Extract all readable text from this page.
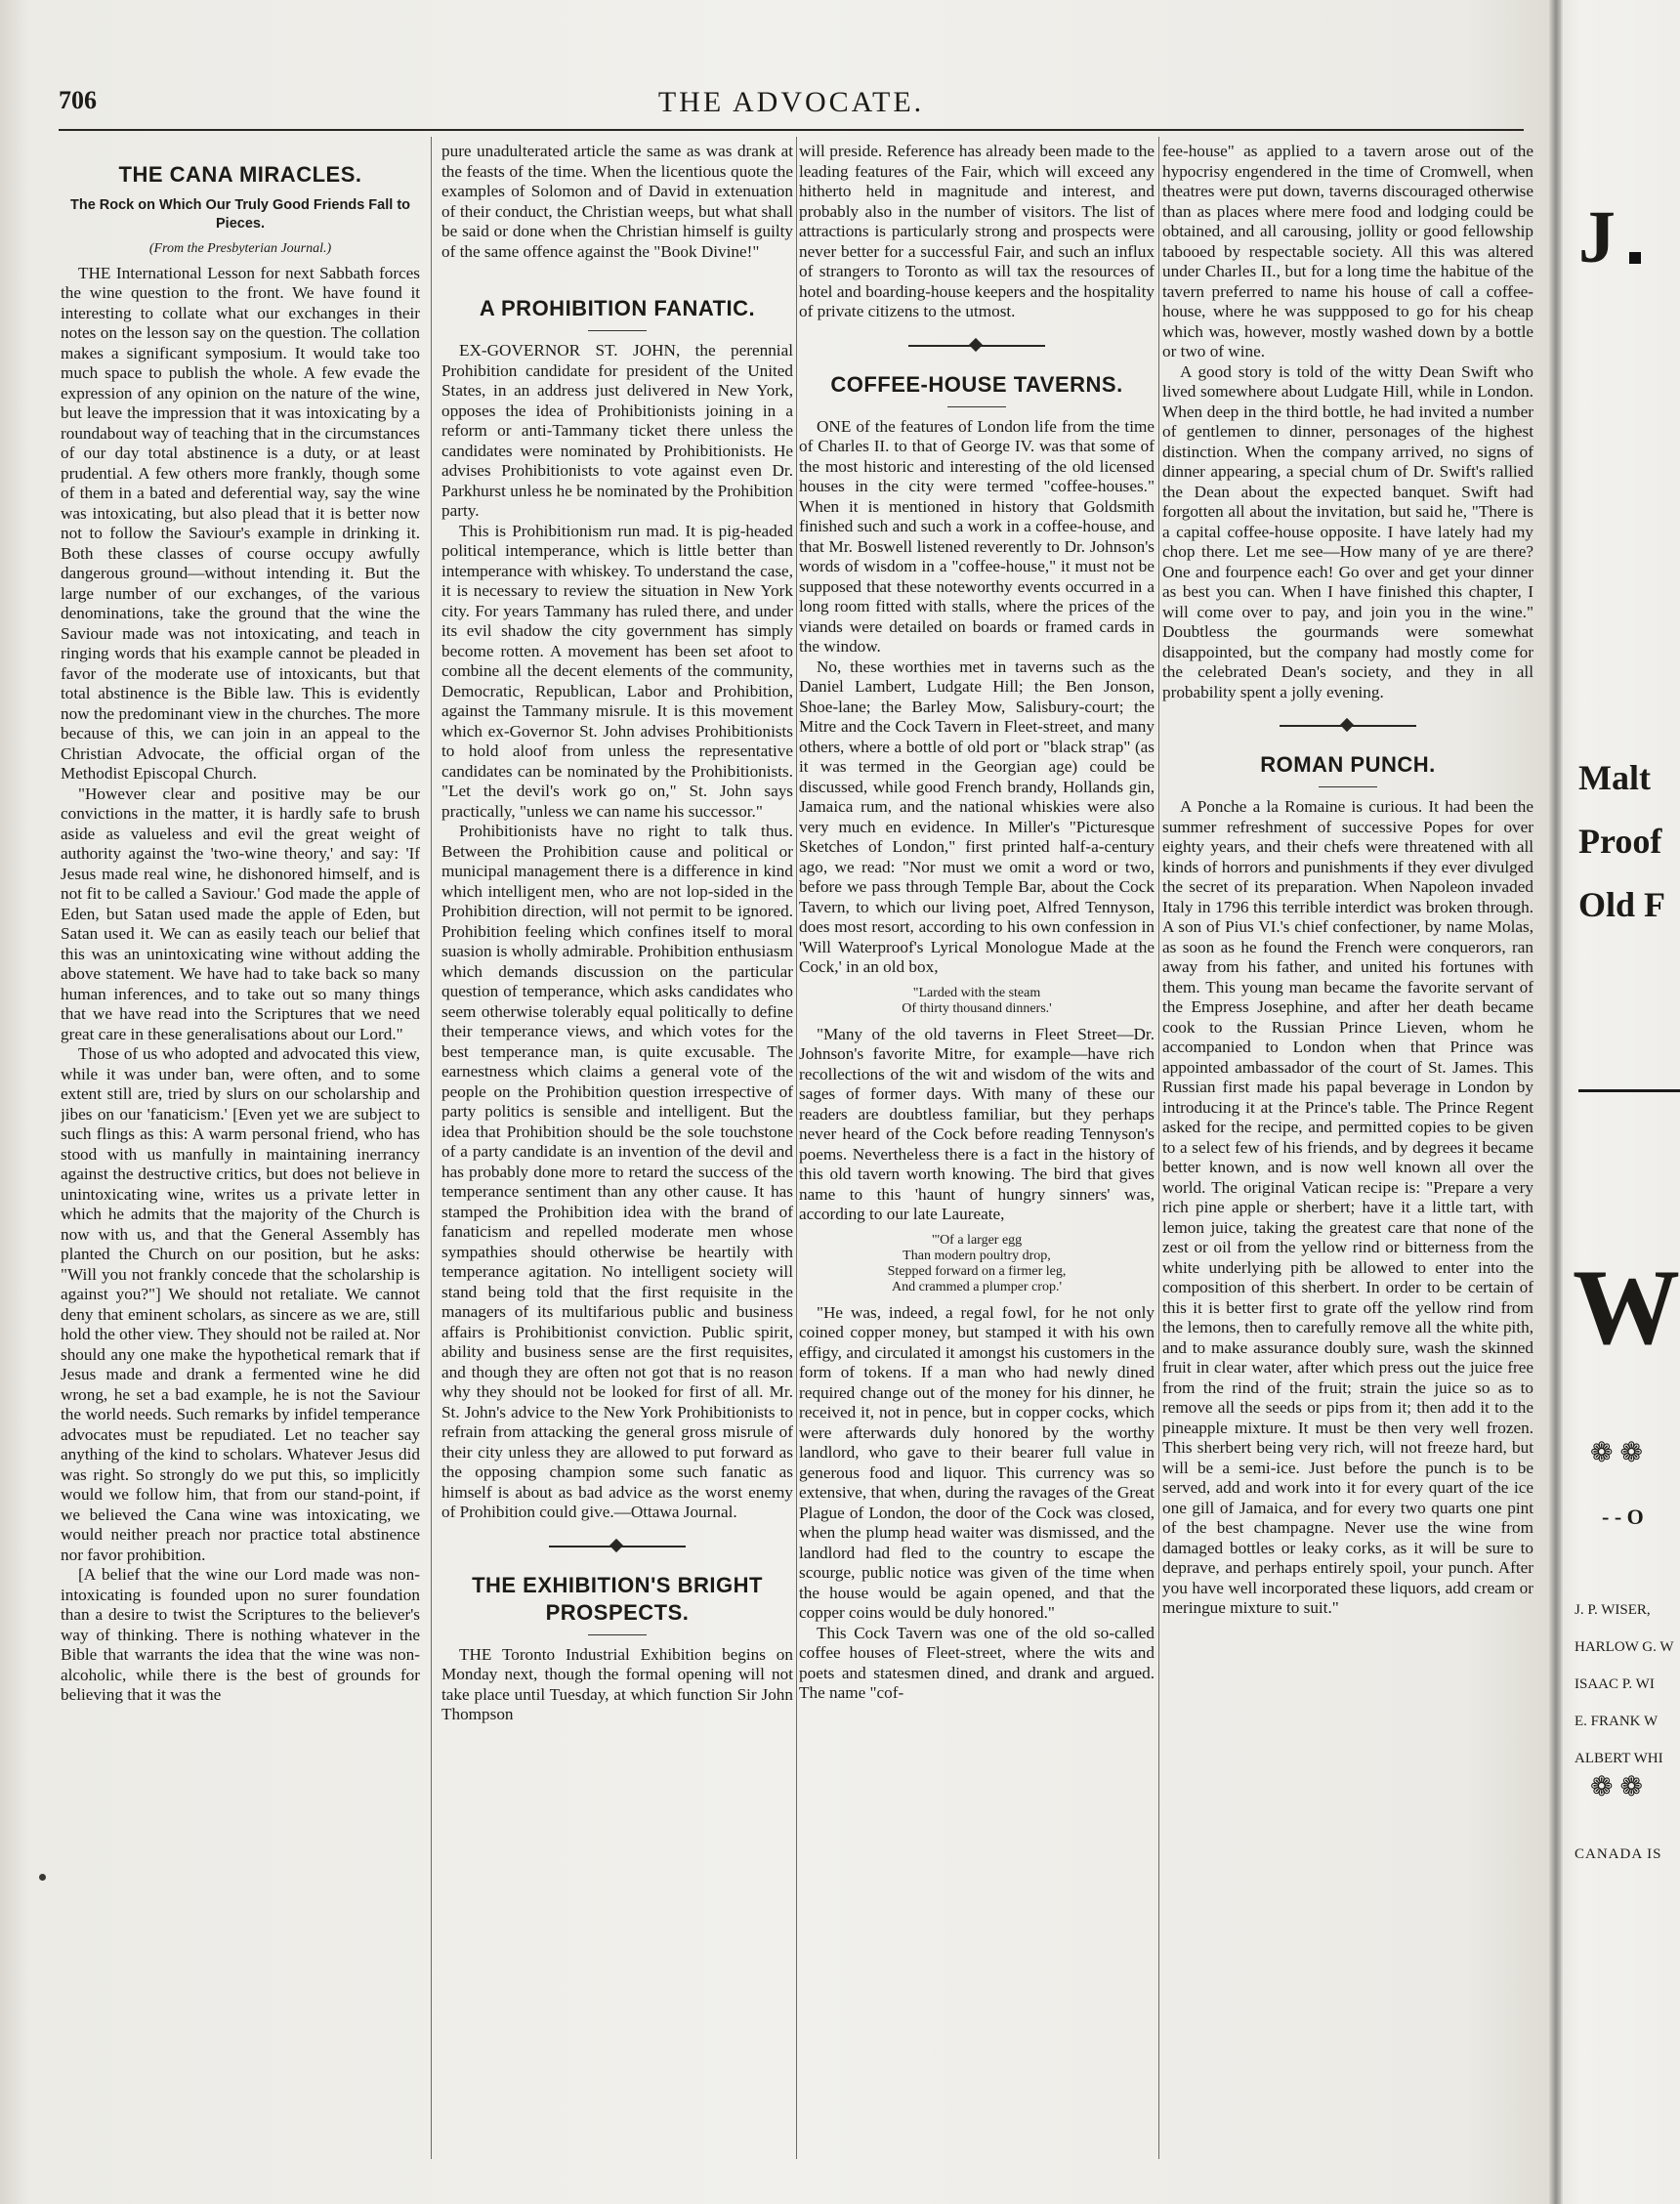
THE ADVOCATE.
706
THE CANA MIRACLES.
The Rock on Which Our Truly Good Friends Fall to Pieces.
(From the Presbyterian Journal.)

THE International Lesson for next Sabbath forces the wine question to the front. We have found it interesting to collate what our exchanges in their notes on the lesson say on the question. The collation makes a significant symposium. It would take too much space to publish the whole. A few evade the expression of any opinion on the nature of the wine, but leave the impression that it was intoxicating by a roundabout way of teaching that in the circumstances of our day total abstinence is a duty, or at least prudential. A few others more frankly, though some of them in a bated and deferential way, say the wine was intoxicating, but also plead that it is better now not to follow the Saviour's example in drinking it. Both these classes of course occupy awfully dangerous ground—without intending it. But the large number of our exchanges, of the various denominations, take the ground that the wine the Saviour made was not intoxicating, and teach in ringing words that his example cannot be pleaded in favor of the moderate use of intoxicants, but that total abstinence is the Bible law. This is evidently now the predominant view in the churches. The more because of this, we can join in an appeal to the Christian Advocate, the official organ of the Methodist Episcopal Church.

"However clear and positive may be our convictions in the matter, it is hardly safe to brush aside as valueless and evil the great weight of authority against the 'two-wine theory,' and say: 'If Jesus made real wine, he dishonored himself, and is not fit to be called a Saviour.' God made the apple of Eden, but Satan used made the apple of Eden, but Satan used it. We can as easily teach our belief that this was an unintoxicating wine without adding the above statement. We have had to take back so many human inferences, and to take out so many things that we have read into the Scriptures that we need great care in these generalisations about our Lord."

Those of us who adopted and advocated this view, while it was under ban, were often, and to some extent still are, tried by slurs on our scholarship and jibes on our 'fanaticism.' [Even yet we are subject to such flings as this: A warm personal friend, who has stood with us manfully in maintaining inerrancy against the destructive critics, but does not believe in unintoxicating wine, writes us a private letter in which he admits that the majority of the Church is now with us, and that the General Assembly has planted the Church on our position, but he asks: "Will you not frankly concede that the scholarship is against you?"] We should not retaliate. We cannot deny that eminent scholars, as sincere as we are, still hold the other view. They should not be railed at. Nor should any one make the hypothetical remark that if Jesus made and drank a fermented wine he did wrong, he set a bad example, he is not the Saviour the world needs. Such remarks by infidel temperance advocates must be repudiated. Let no teacher say anything of the kind to scholars. Whatever Jesus did was right. So strongly do we put this, so implicitly would we follow him, that from our stand-point, if we believed the Cana wine was intoxicating, we would neither preach nor practice total abstinence nor favor prohibition.

[A belief that the wine our Lord made was non-intoxicating is founded upon no surer foundation than a desire to twist the Scriptures to the believer's way of thinking. There is nothing whatever in the Bible that warrants the idea that the wine was non-alcoholic, while there is the best of grounds for believing that it was the

pure unadulterated article the same as was drank at the feasts of the time. When the licentious quote the examples of Solomon and of David in extenuation of their conduct, the Christian weeps, but what shall be said or done when the Christian himself is guilty of the same offence against the "Book Divine!"

A PROHIBITION FANATIC.

EX-GOVERNOR ST. JOHN, the perennial Prohibition candidate for president of the United States, in an address just delivered in New York, opposes the idea of Prohibitionists joining in a reform or anti-Tammany ticket there unless the candidates were nominated by Prohibitionists. He advises Prohibitionists to vote against even Dr. Parkhurst unless he be nominated by the Prohibition party.

This is Prohibitionism run mad. It is pig-headed political intemperance, which is little better than intemperance with whiskey. To understand the case, it is necessary to review the situation in New York city. For years Tammany has ruled there, and under its evil shadow the city government has simply become rotten. A movement has been set afoot to combine all the decent elements of the community, Democratic, Republican, Labor and Prohibition, against the Tammany misrule. It is this movement which ex-Governor St. John advises Prohibitionists to hold aloof from unless the representative candidates can be nominated by the Prohibitionists. "Let the devil's work go on," St. John says practically, "unless we can name his successor."

Prohibitionists have no right to talk thus. Between the Prohibition cause and political or municipal management there is a difference in kind which intelligent men, who are not lop-sided in the Prohibition direction, will not permit to be ignored. Prohibition feeling which confines itself to moral suasion is wholly admirable. Prohibition enthusiasm which demands discussion on the particular question of temperance, which asks candidates who seem otherwise tolerably equal politically to define their temperance views, and which votes for the best temperance man, is quite excusable. The earnestness which claims a general vote of the people on the Prohibition question irrespective of party politics is sensible and intelligent. But the idea that Prohibition should be the sole touchstone of a party candidate is an invention of the devil and has probably done more to retard the success of the temperance sentiment than any other cause. It has stamped the Prohibition idea with the brand of fanaticism and repelled moderate men whose sympathies should otherwise be heartily with temperance agitation. No intelligent society will stand being told that the first requisite in the managers of its multifarious public and business affairs is Prohibitionist conviction. Public spirit, ability and business sense are the first requisites, and though they are often not got that is no reason why they should not be looked for first of all. Mr. St. John's advice to the New York Prohibitionists to refrain from attacking the general gross misrule of their city unless they are allowed to put forward as the opposing champion some such fanatic as himself is about as bad advice as the worst enemy of Prohibition could give.—Ottawa Journal.

THE EXHIBITION'S BRIGHT PROSPECTS.

THE Toronto Industrial Exhibition begins on Monday next, though the formal opening will not take place until Tuesday, at which function Sir John Thompson

will preside. Reference has already been made to the leading features of the Fair, which will exceed any hitherto held in magnitude and interest, and probably also in the number of visitors. The list of attractions is particularly strong and prospects were never better for a successful Fair, and such an influx of strangers to Toronto as will tax the resources of hotel and boarding-house keepers and the hospitality of private citizens to the utmost.

COFFEE-HOUSE TAVERNS.

ONE of the features of London life from the time of Charles II. to that of George IV. was that some of the most historic and interesting of the old licensed houses in the city were termed "coffee-houses." When it is mentioned in history that Goldsmith finished such and such a work in a coffee-house, and that Mr. Boswell listened reverently to Dr. Johnson's words of wisdom in a "coffee-house," it must not be supposed that these noteworthy events occurred in a long room fitted with stalls, where the prices of the viands were detailed on boards or framed cards in the window.

No, these worthies met in taverns such as the Daniel Lambert, Ludgate Hill; the Ben Jonson, Shoe-lane; the Barley Mow, Salisbury-court; the Mitre and the Cock Tavern in Fleet-street, and many others, where a bottle of old port or "black strap" (as it was termed in the Georgian age) could be discussed, while good French brandy, Hollands gin, Jamaica rum, and the national whiskies were also very much en evidence. In Miller's "Picturesque Sketches of London," first printed half-a-century ago, we read: "Nor must we omit a word or two, before we pass through Temple Bar, about the Cock Tavern, to which our living poet, Alfred Tennyson, does most resort, according to his own confession in 'Will Waterproof's Lyrical Monologue Made at the Cock,' in an old box,

"Larded with the steam
Of thirty thousand dinners.'

"Many of the old taverns in Fleet Street—Dr. Johnson's favorite Mitre, for example—have rich recollections of the wit and wisdom of the wits and sages of former days. With many of these our readers are doubtless familiar, but they perhaps never heard of the Cock before reading Tennyson's poems. Nevertheless there is a fact in the history of this old tavern worth knowing. The bird that gives name to this 'haunt of hungry sinners' was, according to our late Laureate,

"'Of a larger egg
Than modern poultry drop,
Stepped forward on a firmer leg,
And crammed a plumper crop.'

"He was, indeed, a regal fowl, for he not only coined copper money, but stamped it with his own effigy, and circulated it amongst his customers in the form of tokens. If a man who had newly dined required change out of the money for his dinner, he received it, not in pence, but in copper cocks, which were afterwards duly honored by the worthy landlord, who gave to their bearer full value in generous food and liquor. This currency was so extensive, that when, during the ravages of the Great Plague of London, the door of the Cock was closed, when the plump head waiter was dismissed, and the landlord had fled to the country to escape the scourge, public notice was given of the time when the house would be again opened, and that the copper coins would be duly honored."

This Cock Tavern was one of the old so-called coffee houses of Fleet-street, where the wits and poets and statesmen dined, and drank and argued. The name "cof-

fee-house" as applied to a tavern arose out of the hypocrisy engendered in the time of Cromwell, when theatres were put down, taverns discouraged otherwise than as places where mere food and lodging could be obtained, and all carousing, jollity or good fellowship tabooed by respectable society. All this was altered under Charles II., but for a long time the habitue of the tavern preferred to name his house of call a coffee-house, where he was suppposed to go for his cheap which was, however, mostly washed down by a bottle or two of wine.

A good story is told of the witty Dean Swift who lived somewhere about Ludgate Hill, while in London. When deep in the third bottle, he had invited a number of gentlemen to dinner, personages of the highest distinction. When the company arrived, no signs of dinner appearing, a special chum of Dr. Swift's rallied the Dean about the expected banquet. Swift had forgotten all about the invitation, but said he, "There is a capital coffee-house opposite. I have lately had my chop there. Let me see—How many of ye are there? One and fourpence each! Go over and get your dinner as best you can. When I have finished this chapter, I will come over to pay, and join you in the wine." Doubtless the gourmands were somewhat disappointed, but the company had mostly come for the celebrated Dean's society, and they in all probability spent a jolly evening.

ROMAN PUNCH.

A Ponche a la Romaine is curious. It had been the summer refreshment of successive Popes for over eighty years, and their chefs were threatened with all kinds of horrors and punishments if they ever divulged the secret of its preparation. When Napoleon invaded Italy in 1796 this terrible interdict was broken through. A son of Pius VI.'s chief confectioner, by name Molas, as soon as he found the French were conquerors, ran away from his father, and united his fortunes with them. This young man became the favorite servant of the Empress Josephine, and after her death became cook to the Russian Prince Lieven, whom he accompanied to London when that Prince was appointed ambassador of the court of St. James. This Russian first made his papal beverage in London by introducing it at the Prince's table. The Prince Regent asked for the recipe, and permitted copies to be given to a select few of his friends, and by degrees it became better known, and is now well known all over the world. The original Vatican recipe is: "Prepare a very rich pine apple or sherbert; have it a little tart, with lemon juice, taking the greatest care that none of the zest or oil from the yellow rind or bitterness from the white underlying pith be allowed to enter into the composition of this sherbert. In order to be certain of this it is better first to grate off the yellow rind from the lemons, then to carefully remove all the white pith, and to make assurance doubly sure, wash the skinned fruit in clear water, after which press out the juice free from the rind of the fruit; strain the juice so as to remove all the seeds or pips from it; then add it to the pineapple mixture. It must be then very well frozen. This sherbert being very rich, will not freeze hard, but will be a semi-ice. Just before the punch is to be served, add and work into it for every quart of the ice one gill of Jamaica, and for every two quarts one pint of the best champagne. Never use the wine from damaged bottles or leaky corks, as it will be sure to deprave, and perhaps entirely spoil, your punch. After you have well incorporated these liquors, add cream or meringue mixture to suit."

J
Malt
Proof
Old F
W
❁ ❁
- - O
J. P. WISER,
HARLOW G. W
ISAAC P. WI
E. FRANK W
ALBERT WHI
❁ ❁
CANADA IS
